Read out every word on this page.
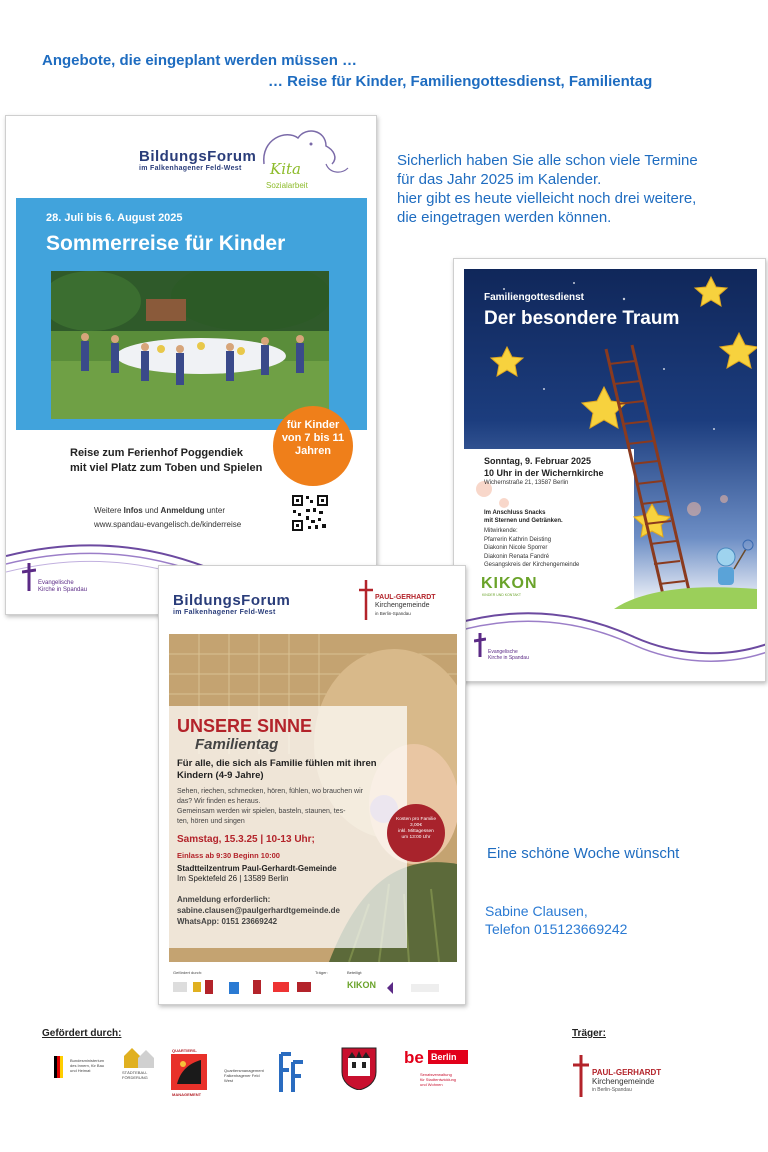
Angebote, die eingeplant werden müssen …
… Reise für Kinder, Familiengottesdienst, Familientag
Sicherlich haben Sie alle schon viele Termine
für das Jahr 2025 im Kalender.
hier gibt es heute vielleicht noch drei weitere,
die eingetragen werden können.
BildungsForum
im Falkenhagener Feld-West	Kita
Sozialarbeit
28. Juli bis 6. August 2025
Sommerreise für Kinder
für Kinder
von 7 bis 11
Jahren
Reise zum Ferienhof Poggendiek
mit viel Platz zum Toben und Spielen
Weitere Infos und Anmeldung unter
www.spandau-evangelisch.de/kinderreise
Evangelische
Kirche in Spandau
Familiengottesdienst
Der besondere Traum
Sonntag, 9. Februar 2025
10 Uhr in der Wichernkirche
Wichernstraße 21, 13587 Berlin
Im Anschluss Snacks
mit Sternen und Getränken.
Mitwirkende:
Pfarrerin Kathrin Deisting
Diakonin Nicole Sporrer
Diakonin Renata Fandré
Gesangskreis der Kirchengemeinde
KIKON
KINDER UND KONTAKT
Evangelische
Kirche in Spandau
BildungsForum
im Falkenhagener Feld-West
PAUL-GERHARDT
Kirchengemeinde
in Berlin-Spandau
UNSERE SINNE
Familientag
Für alle, die sich als Familie fühlen mit ihren Kindern (4-9 Jahre)
Sehen, riechen, schmecken, hören, fühlen, wo brauchen wir
das? Wir finden es heraus.
Gemeinsam werden wir spielen, basteln, staunen, tes-
ten, hören und singen
Samstag, 15.3.25 | 10-13 Uhr;
Einlass ab 9:30 Beginn 10:00
Stadtteilzentrum Paul-Gerhardt-Gemeinde
Im Spektefeld 26 | 13589 Berlin
Anmeldung erforderlich:
sabine.clausen@paulgerhardtgemeinde.de
WhatsApp: 0151 23669242
Kosten pro Familie
3,00€
inkl. Mittagessen
um 13:00 Uhr
Gefördert durch:	Träger:	Beteiligt:
KIKON
Eine schöne Woche wünscht
Sabine Clausen,
Telefon 015123669242
Gefördert durch:	Träger:
Bundesministerium
des Innern, für Bau
und Heimat	STÄDTEBAU-
FÖRDERUNG
QUARTIERS-
MANAGEMENT
Quartiersmanagement
Falkenhagener Feld
West
be Berlin
Senatsverwaltung
für Stadtentwicklung
und Wohnen
PAUL-GERHARDT
Kirchengemeinde
in Berlin-Spandau
